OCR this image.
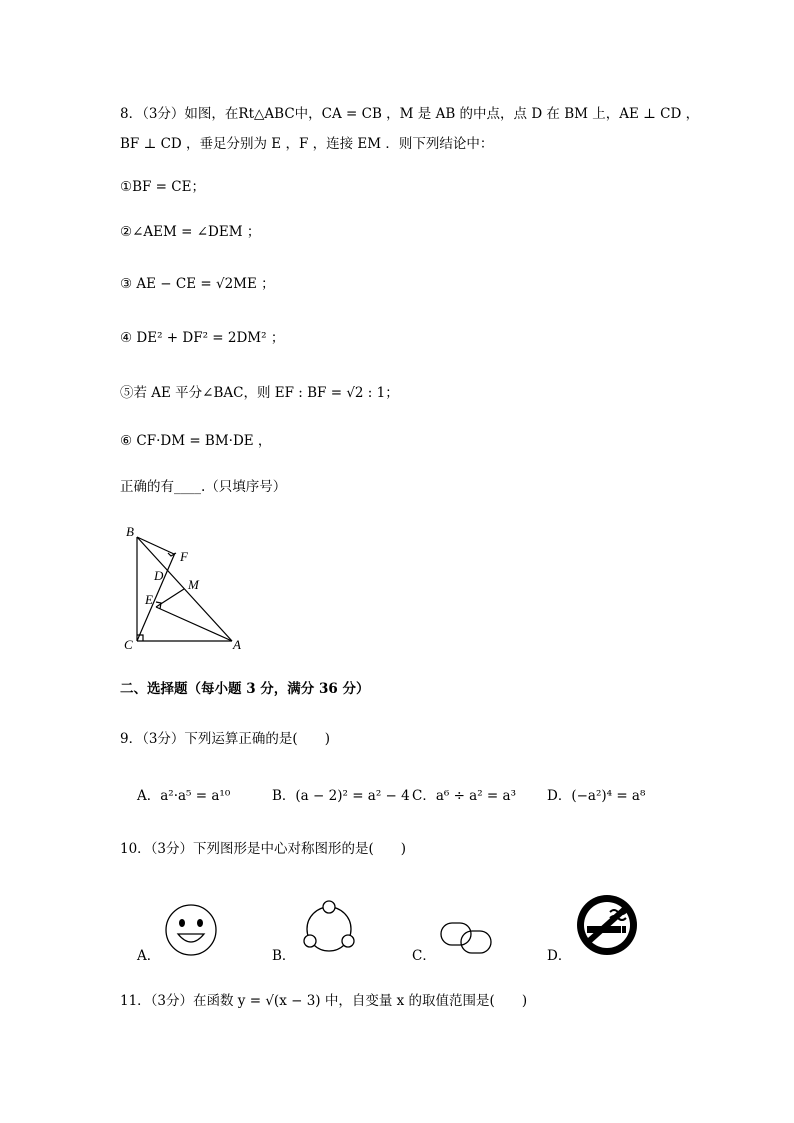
8．（3分）如图，在Rt△ABC中，CA = CB ，M 是 AB 的中点，点 D 在 BM 上，AE ⊥ CD ，
BF ⊥ CD ，垂足分别为 E ，F ，连接 EM ．则下列结论中：
①BF = CE；
②∠AEM = ∠DEM ；
③ AE − CE = √2ME ；
④ DE² + DF² = 2DM² ；
⑤若 AE 平分∠BAC，则 EF : BF = √2 : 1；
⑥ CF·DM = BM·DE ，
正确的有____.（只填序号）
B
F
D
M
E
C	A
二、选择题（每小题 3 分，满分 36 分）
9．（3分）下列运算正确的是(　　)
A．a²·a⁵ = a¹⁰	B．(a − 2)² = a² − 4 C．a⁶ ÷ a² = a³ D．(−a²)⁴ = a⁸
10．（3分）下列图形是中心对称图形的是(　　)
A．	B．	C．	D．
11．（3分）在函数 y = √(x − 3) 中，自变量 x 的取值范围是(　　)
